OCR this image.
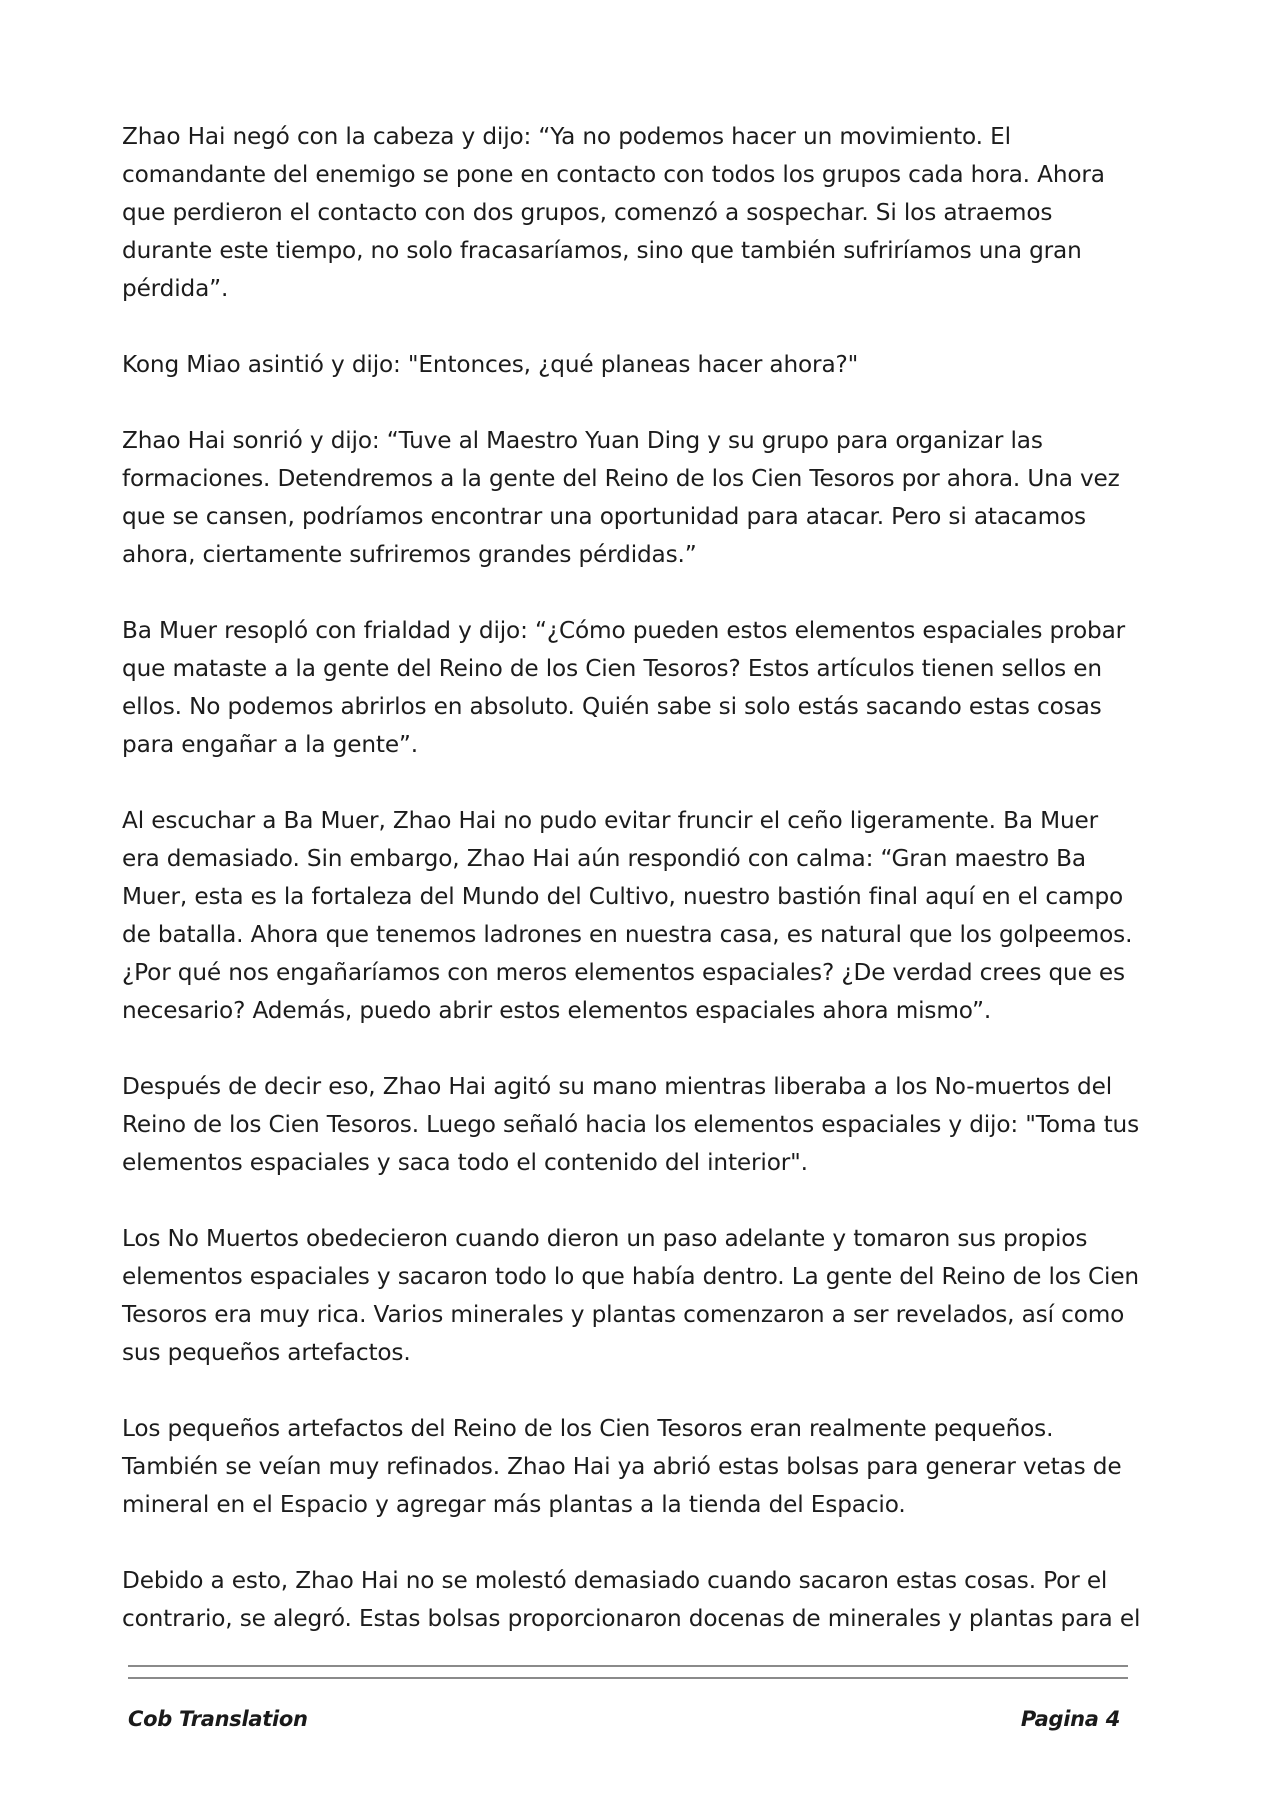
Zhao Hai negó con la cabeza y dijo: “Ya no podemos hacer un movimiento. El comandante del enemigo se pone en contacto con todos los grupos cada hora. Ahora que perdieron el contacto con dos grupos, comenzó a sospechar. Si los atraemos durante este tiempo, no solo fracasaríamos, sino que también sufriríamos una gran pérdida”.

Kong Miao asintió y dijo: "Entonces, ¿qué planeas hacer ahora?"

Zhao Hai sonrió y dijo: “Tuve al Maestro Yuan Ding y su grupo para organizar las formaciones. Detendremos a la gente del Reino de los Cien Tesoros por ahora. Una vez que se cansen, podríamos encontrar una oportunidad para atacar. Pero si atacamos ahora, ciertamente sufriremos grandes pérdidas.”

Ba Muer resopló con frialdad y dijo: “¿Cómo pueden estos elementos espaciales probar que mataste a la gente del Reino de los Cien Tesoros? Estos artículos tienen sellos en ellos. No podemos abrirlos en absoluto. Quién sabe si solo estás sacando estas cosas para engañar a la gente”.

Al escuchar a Ba Muer, Zhao Hai no pudo evitar fruncir el ceño ligeramente. Ba Muer era demasiado. Sin embargo, Zhao Hai aún respondió con calma: “Gran maestro Ba Muer, esta es la fortaleza del Mundo del Cultivo, nuestro bastión final aquí en el campo de batalla. Ahora que tenemos ladrones en nuestra casa, es natural que los golpeemos. ¿Por qué nos engañaríamos con meros elementos espaciales? ¿De verdad crees que es necesario? Además, puedo abrir estos elementos espaciales ahora mismo”.

Después de decir eso, Zhao Hai agitó su mano mientras liberaba a los No-muertos del Reino de los Cien Tesoros. Luego señaló hacia los elementos espaciales y dijo: "Toma tus elementos espaciales y saca todo el contenido del interior".

Los No Muertos obedecieron cuando dieron un paso adelante y tomaron sus propios elementos espaciales y sacaron todo lo que había dentro. La gente del Reino de los Cien Tesoros era muy rica. Varios minerales y plantas comenzaron a ser revelados, así como sus pequeños artefactos.

Los pequeños artefactos del Reino de los Cien Tesoros eran realmente pequeños. También se veían muy refinados. Zhao Hai ya abrió estas bolsas para generar vetas de mineral en el Espacio y agregar más plantas a la tienda del Espacio.

Debido a esto, Zhao Hai no se molestó demasiado cuando sacaron estas cosas. Por el contrario, se alegró. Estas bolsas proporcionaron docenas de minerales y plantas para el

Cob Translation	Pagina 4
